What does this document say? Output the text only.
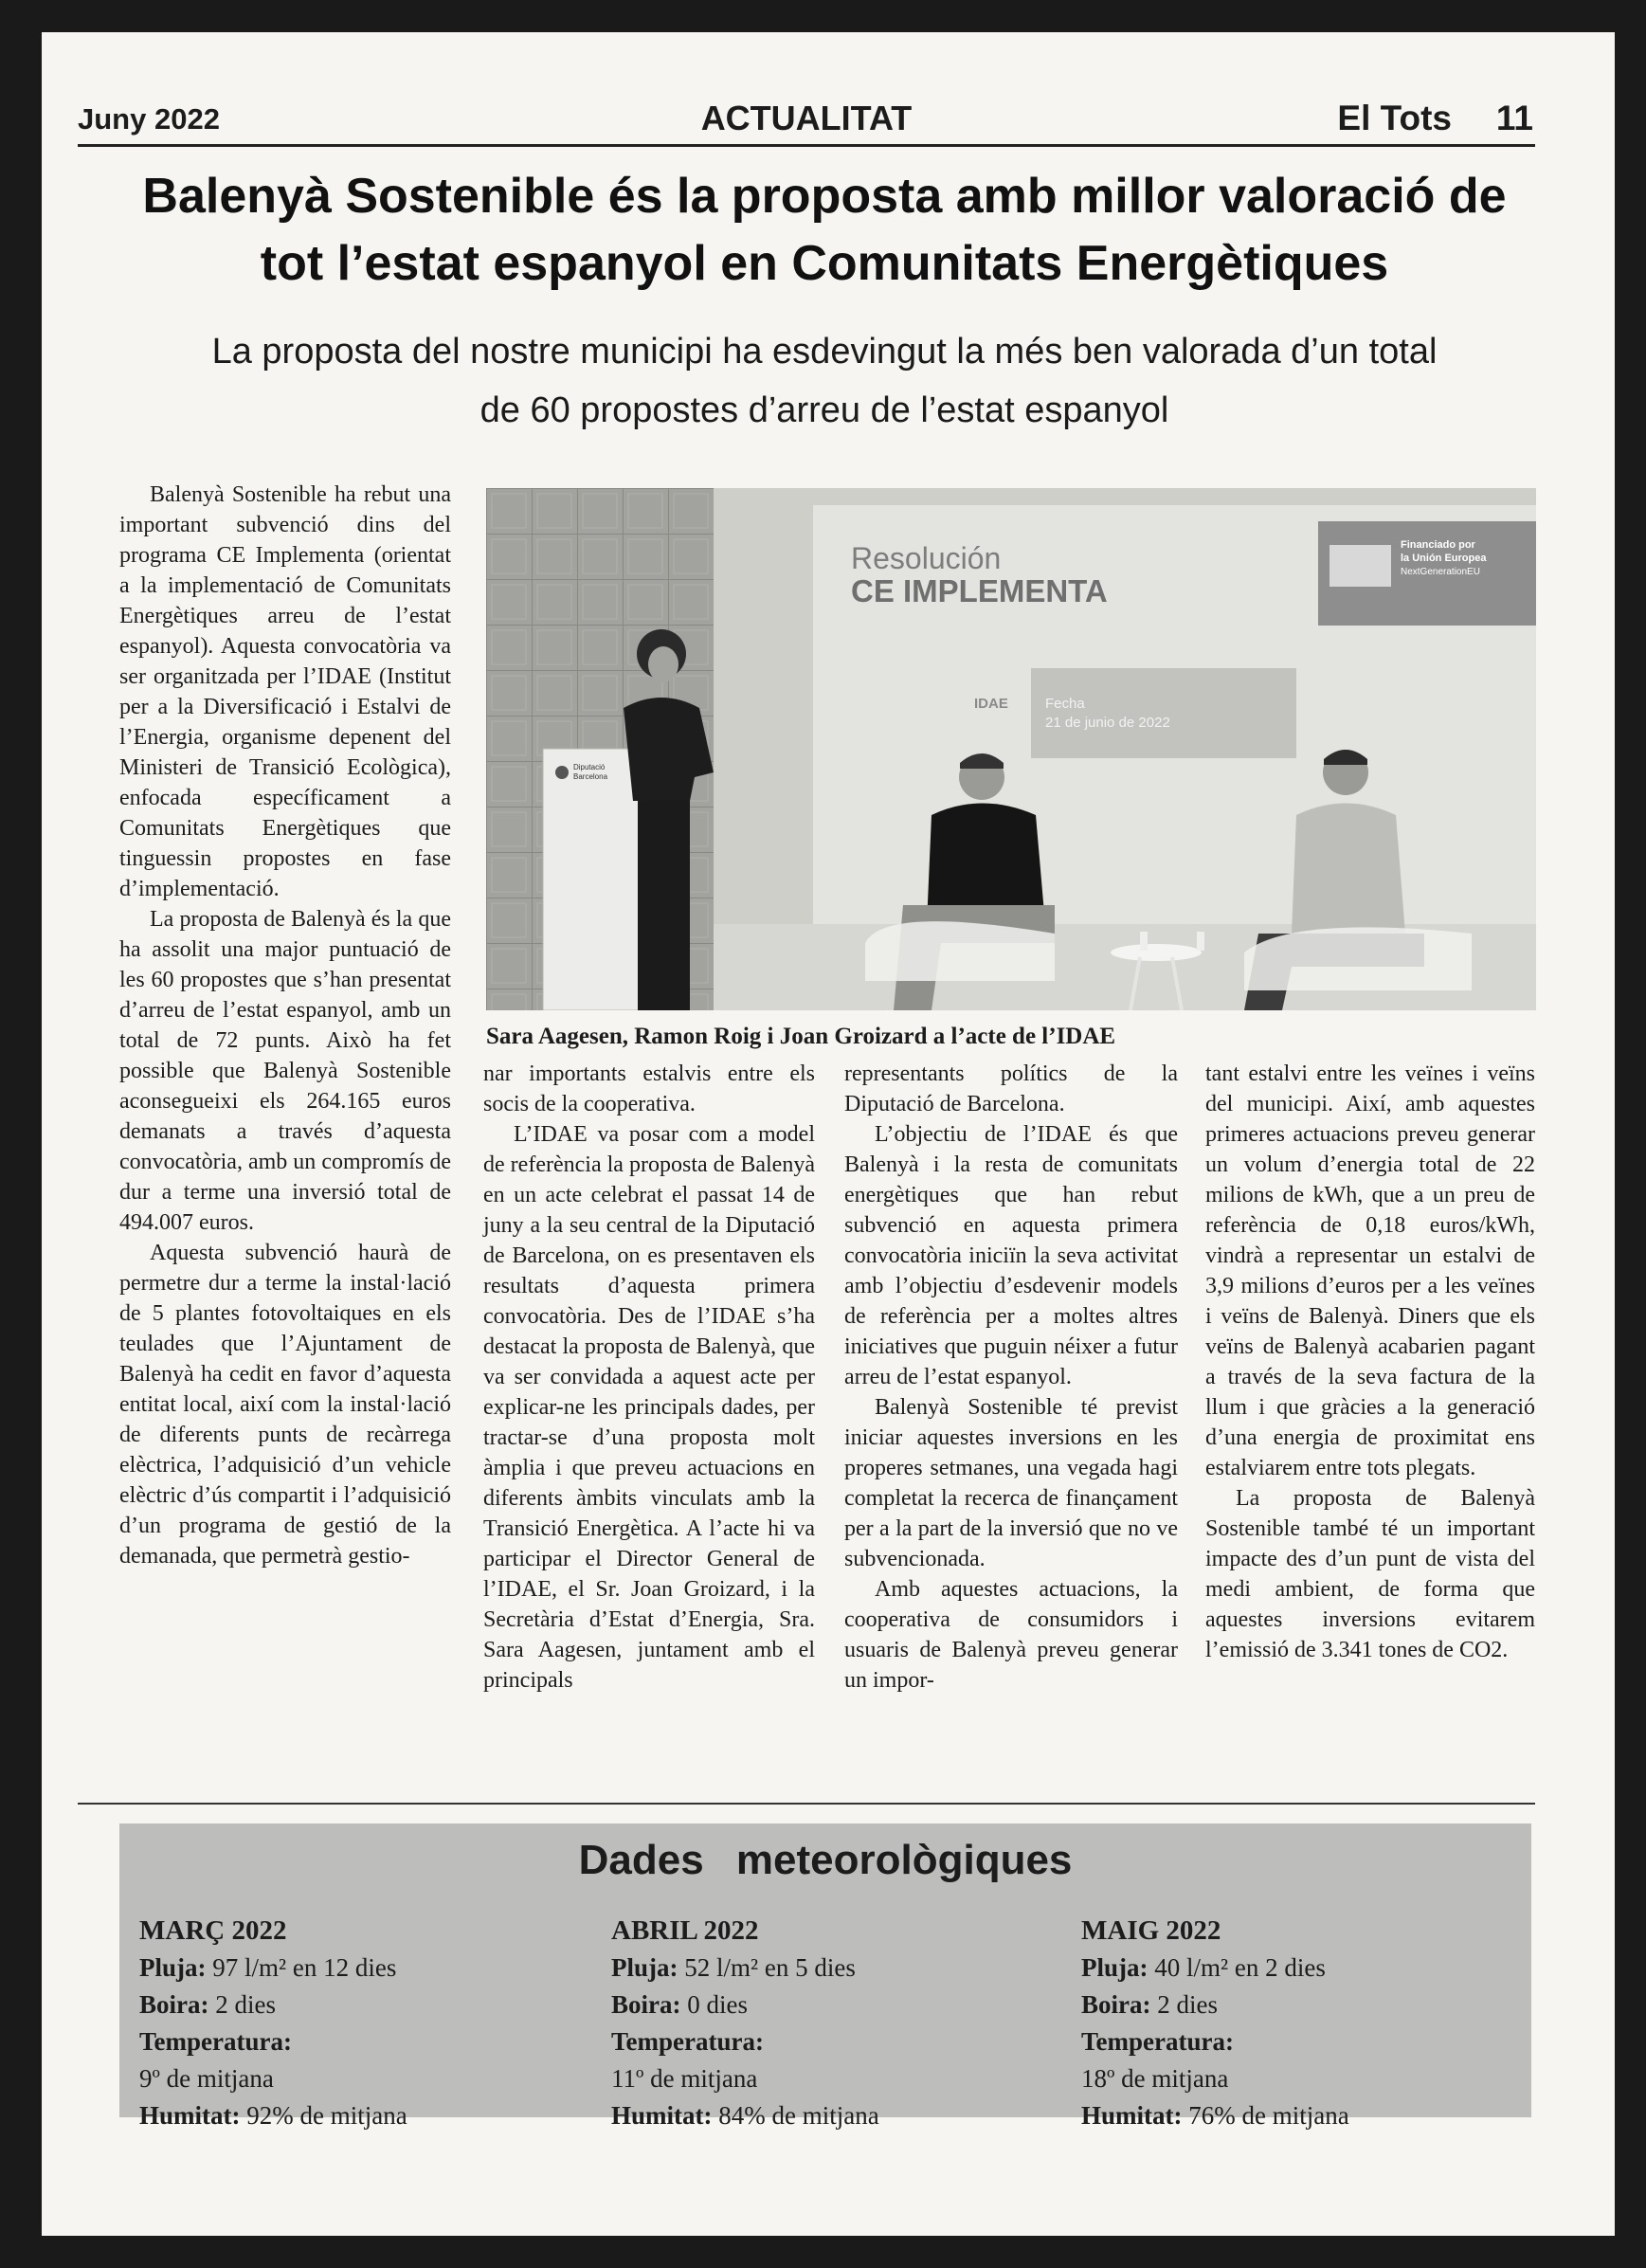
Juny 2022	ACTUALITAT	El Tots 11
Balenyà Sostenible és la proposta amb millor valoració de
tot l’estat espanyol en Comunitats Energètiques
La proposta del nostre municipi ha esdevingut la més ben valorada d’un total
de 60 propostes d’arreu de l’estat espanyol

Balenyà Sostenible ha rebut una important subvenció dins del programa CE Implementa (orientat a la implementació de Comunitats Energètiques arreu de l’estat espanyol). Aquesta convocatòria va ser organitzada per l’IDAE (Institut per a la Diversificació i Estalvi de l’Energia, organisme depenent del Ministeri de Transició Ecològica), enfocada específicament a Comunitats Energètiques que tinguessin propostes en fase d’implementació.

La proposta de Balenyà és la que ha assolit una major puntuació de les 60 propostes que s’han presentat d’arreu de l’estat espanyol, amb un total de 72 punts. Això ha fet possible que Balenyà Sostenible aconsegueixi els 264.165 euros demanats a través d’aquesta convocatòria, amb un compromís de dur a terme una inversió total de 494.007 euros.

Aquesta subvenció haurà de permetre dur a terme la instal·lació de 5 plantes fotovoltaiques en els teulades que l’Ajuntament de Balenyà ha cedit en favor d’aquesta entitat local, així com la instal·lació de diferents punts de recàrrega elèctrica, l’adquisició d’un vehicle elèctric d’ús compartit i l’adquisició d’un programa de gestió de la demanada, que permetrà gestio-

Resolución
CE IMPLEMENTA
Financiado por
la Unión Europea
NextGenerationEU
Fecha
21 de junio de 2022
IDAE
Diputació
Barcelona
Sara Aagesen, Ramon Roig i Joan Groizard a l’acte de l’IDAE

nar importants estalvis entre els socis de la cooperativa.

L’IDAE va posar com a model de referència la proposta de Balenyà en un acte celebrat el passat 14 de juny a la seu central de la Diputació de Barcelona, on es presentaven els resultats d’aquesta primera convocatòria. Des de l’IDAE s’ha destacat la proposta de Balenyà, que va ser convidada a aquest acte per explicar-ne les principals dades, per tractar-se d’una proposta molt àmplia i que preveu actuacions en diferents àmbits vinculats amb la Transició Energètica. A l’acte hi va participar el Director General de l’IDAE, el Sr. Joan Groizard, i la Secretària d’Estat d’Energia, Sra. Sara Aagesen, juntament amb el principals

representants polítics de la Diputació de Barcelona.

L’objectiu de l’IDAE és que Balenyà i la resta de comunitats energètiques que han rebut subvenció en aquesta primera convocatòria iniciïn la seva activitat amb l’objectiu d’esdevenir models de referència per a moltes altres iniciatives que puguin néixer a futur arreu de l’estat espanyol.

Balenyà Sostenible té previst iniciar aquestes inversions en les properes setmanes, una vegada hagi completat la recerca de finançament per a la part de la inversió que no ve subvencionada.

Amb aquestes actuacions, la cooperativa de consumidors i usuaris de Balenyà preveu generar un impor-

tant estalvi entre les veïnes i veïns del municipi. Així, amb aquestes primeres actuacions preveu generar un volum d’energia total de 22 milions de kWh, que a un preu de referència de 0,18 euros/kWh, vindrà a representar un estalvi de 3,9 milions d’euros per a les veïnes i veïns de Balenyà. Diners que els veïns de Balenyà acabarien pagant a través de la seva factura de la llum i que gràcies a la generació d’una energia de proximitat ens estalviarem entre tots plegats.

La proposta de Balenyà Sostenible també té un important impacte des d’un punt de vista del medi ambient, de forma que aquestes inversions evitarem l’emissió de 3.341 tones de CO2.

Dades meteorològiques
MARÇ 2022
Pluja: 97 l/m² en 12 dies
Boira: 2 dies
Temperatura:
9º de mitjana
Humitat: 92% de mitjana
ABRIL 2022
Pluja: 52 l/m² en 5 dies
Boira: 0 dies
Temperatura:
11º de mitjana
Humitat: 84% de mitjana
MAIG 2022
Pluja: 40 l/m² en 2 dies
Boira: 2 dies
Temperatura:
18º de mitjana
Humitat: 76% de mitjana
